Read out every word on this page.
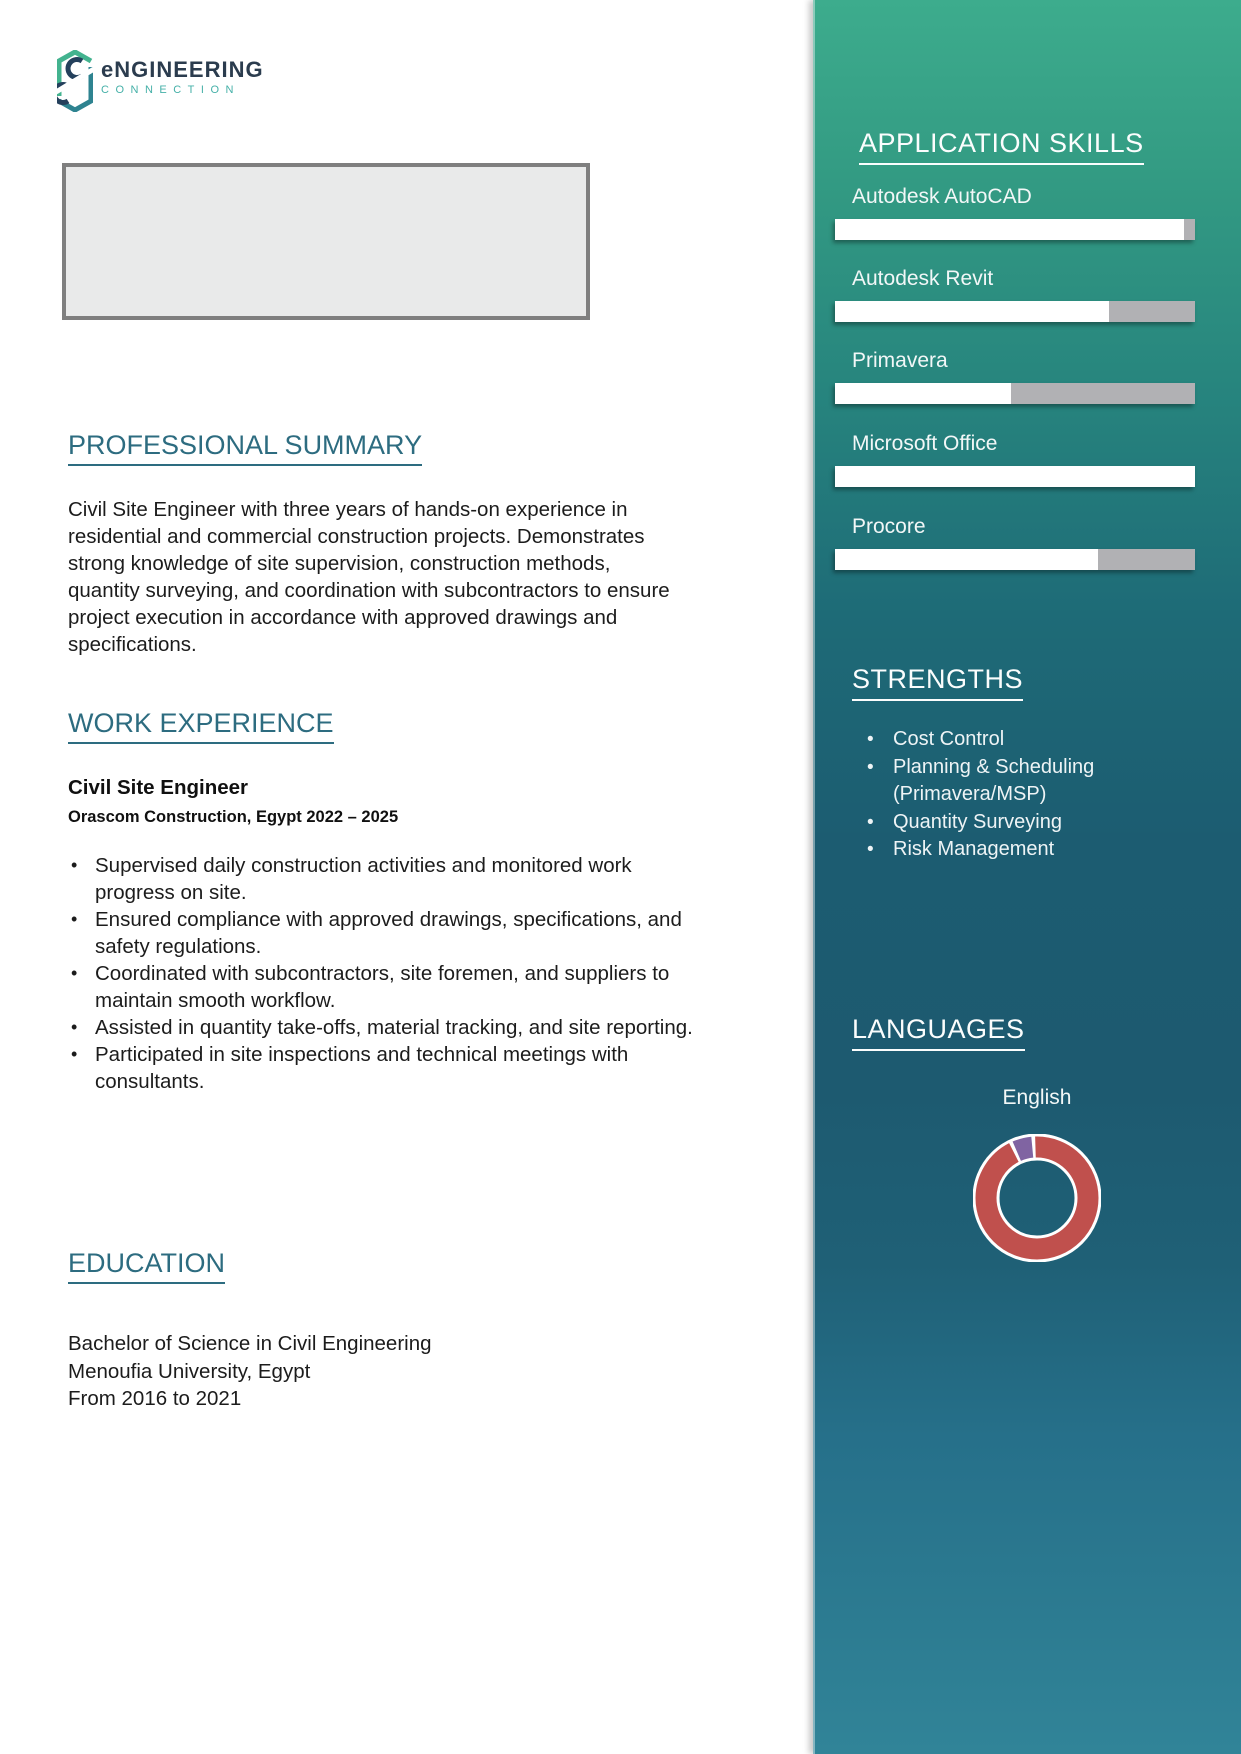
eNGINEERING
CONNECTION
PROFESSIONAL SUMMARY
Civil Site Engineer with three years of hands-on experience in residential and commercial construction projects. Demonstrates strong knowledge of site supervision, construction methods, quantity surveying, and coordination with subcontractors to ensure project execution in accordance with approved drawings and specifications.
WORK EXPERIENCE
Civil Site Engineer
Orascom Construction, Egypt 2022 – 2025
• Supervised daily construction activities and monitored work progress on site.
• Ensured compliance with approved drawings, specifications, and safety regulations.
• Coordinated with subcontractors, site foremen, and suppliers to maintain smooth workflow.
• Assisted in quantity take-offs, material tracking, and site reporting.
• Participated in site inspections and technical meetings with consultants.
EDUCATION
Bachelor of Science in Civil Engineering
Menoufia University, Egypt
From 2016 to 2021
APPLICATION SKILLS
Autodesk AutoCAD
Autodesk Revit
Primavera
Microsoft Office
Procore
STRENGTHS
• Cost Control
• Planning & Scheduling (Primavera/MSP)
• Quantity Surveying
• Risk Management
LANGUAGES
English
